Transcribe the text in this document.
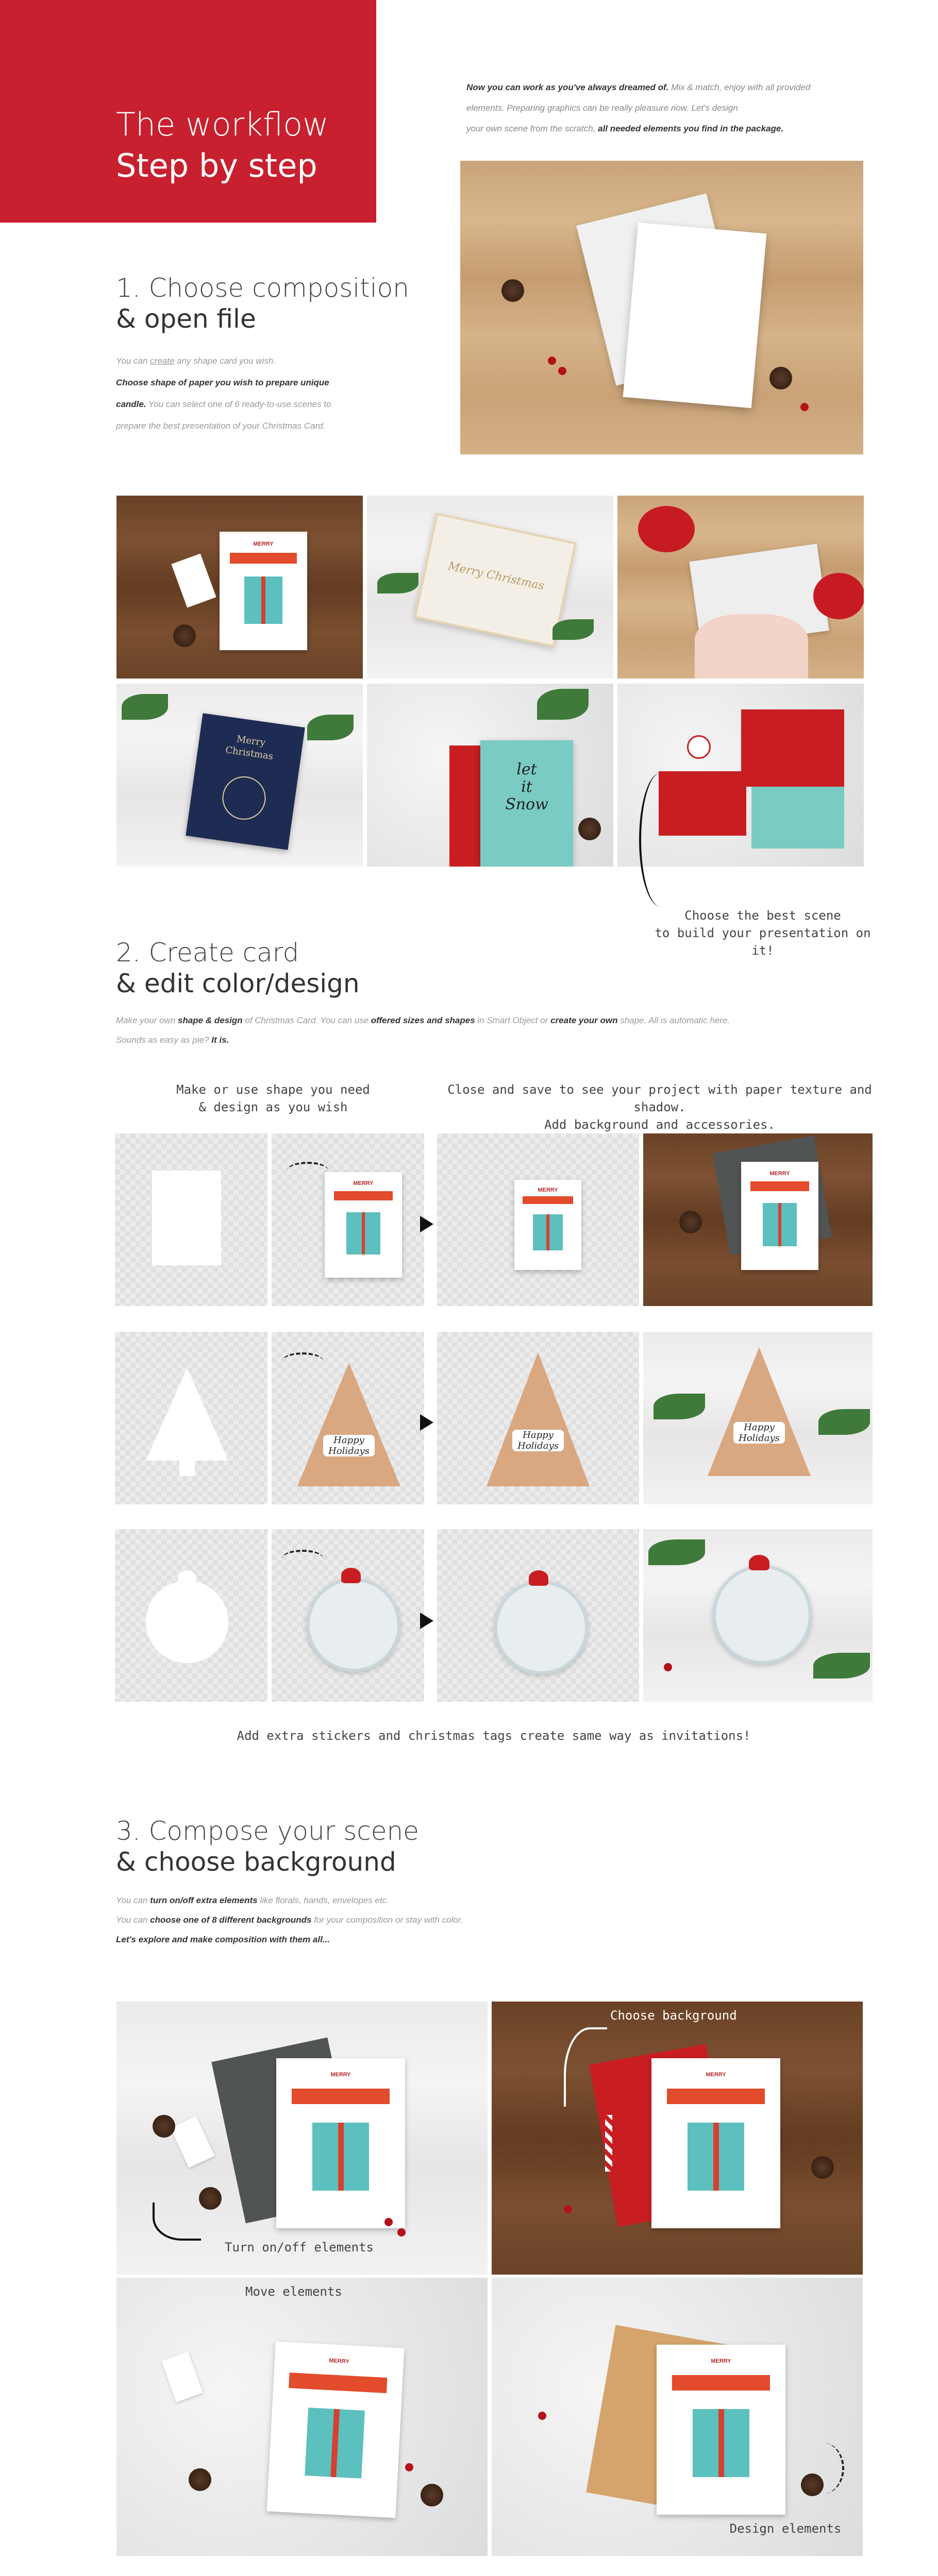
The workflow
Step by step
Now you can work as you've always dreamed of. Mix & match, enjoy with all provided
elements. Preparing graphics can be really pleasure now. Let's design
your own scene from the scratch, all needed elements you find in the package.
1. Choose composition
& open file
You can create any shape card you wish.
Choose shape of paper you wish to prepare unique
candle. You can select one of 6 ready-to-use scenes to
prepare the best presentation of your Christmas Card.
MERRY
Merry Christmas
Merry
Christmas
let
it
Snow
Choose the best scene
to build your presentation on it!
2. Create card
& edit color/design
Make your own shape & design of Christmas Card. You can use offered sizes and shapes in Smart Object or create your own shape. All is automatic here.
Sounds as easy as pie? It is.
Make or use shape you need
& design as you wish
Close and save to see your project with paper texture and shadow.
Add background and accessories.
MERRY
MERRY
MERRY
Happy
Holidays
Happy
Holidays
Happy
Holidays
Add extra stickers and christmas tags create same way as invitations!
3. Compose your scene
& choose background
You can turn on/off extra elements like florals, hands, envelopes etc.
You can choose one of 8 different backgrounds for your composition or stay with color.
Let's explore and make composition with them all...
MERRY
Turn on/off elements
MERRY
Choose background
MERRY
Move elements
MERRY
Design elements
